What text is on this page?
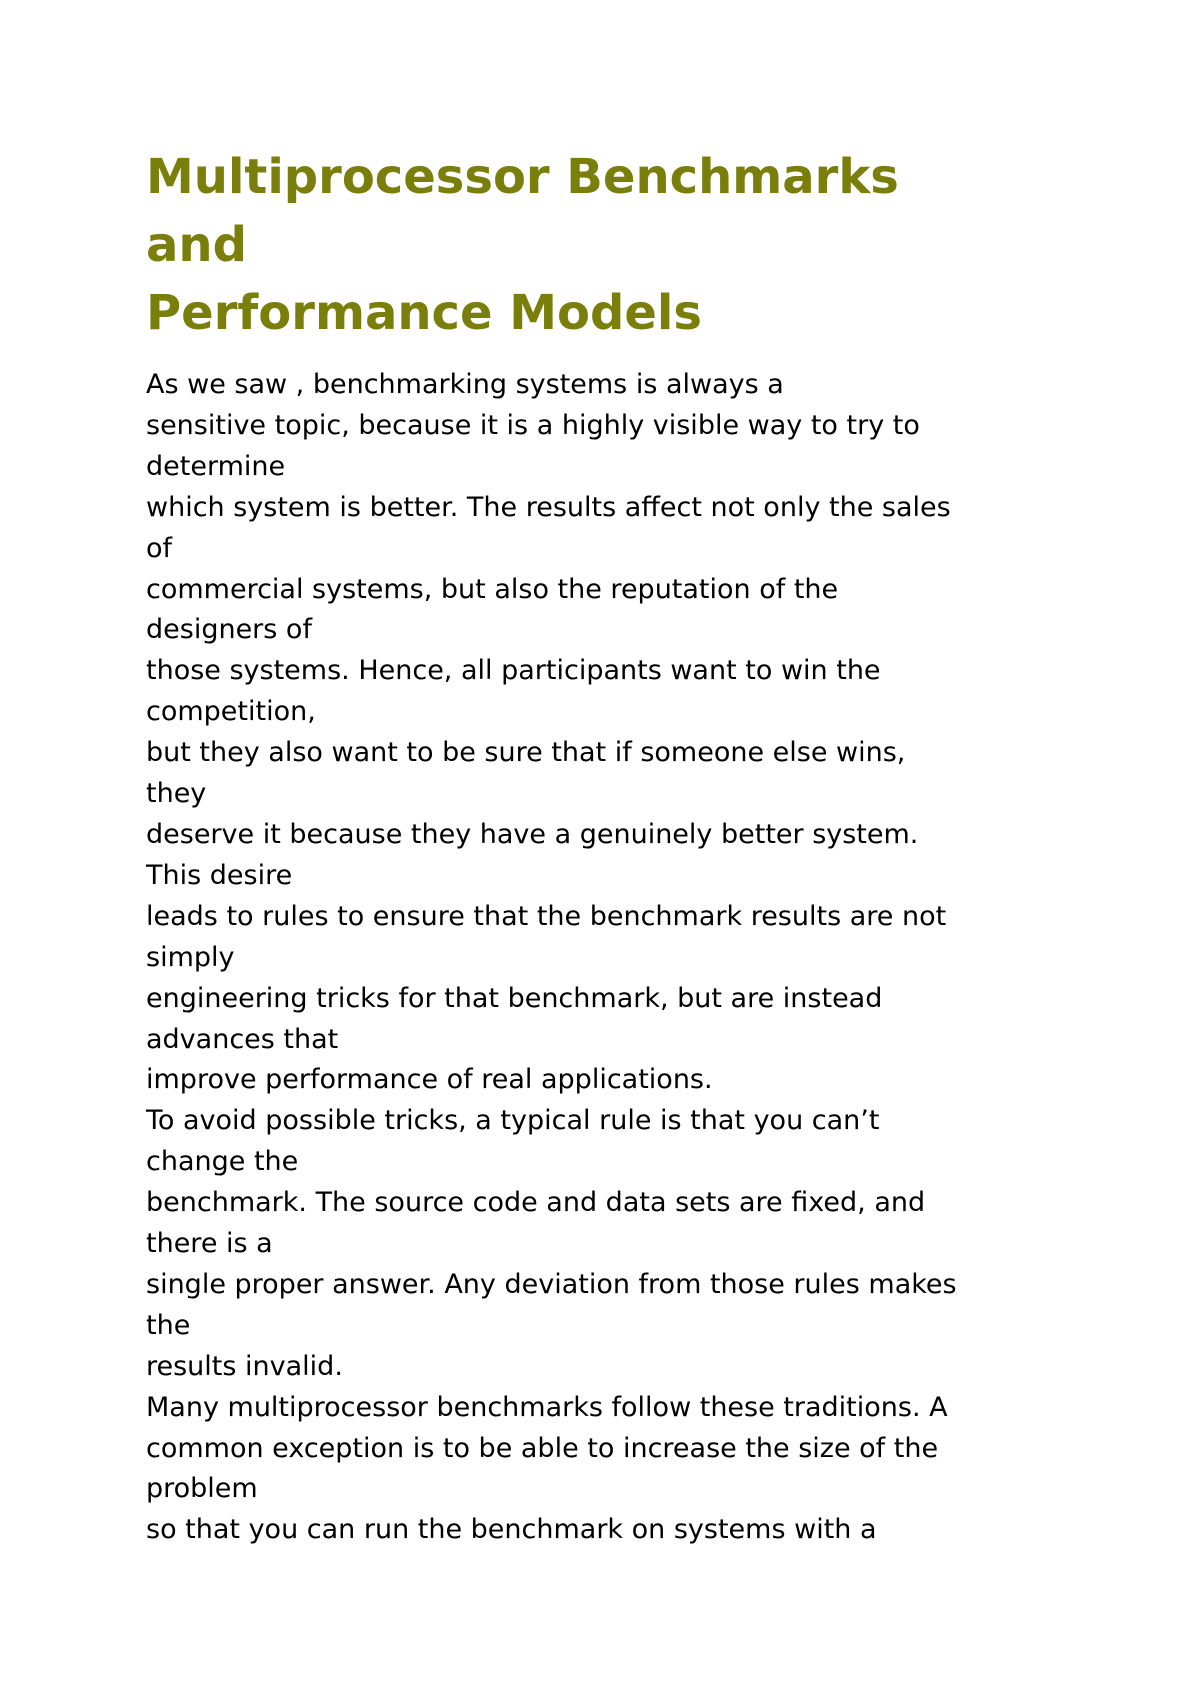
Multiprocessor Benchmarks
and
Performance Models
As we saw , benchmarking systems is always a
sensitive topic, because it is a highly visible way to try to
determine
which system is better. The results affect not only the sales
of
commercial systems, but also the reputation of the
designers of
those systems. Hence, all participants want to win the
competition,
but they also want to be sure that if someone else wins,
they
deserve it because they have a genuinely better system.
This desire
leads to rules to ensure that the benchmark results are not
simply
engineering tricks for that benchmark, but are instead
advances that
improve performance of real applications.
To avoid possible tricks, a typical rule is that you can’t
change the
benchmark. The source code and data sets are fixed, and
there is a
single proper answer. Any deviation from those rules makes
the
results invalid.
Many multiprocessor benchmarks follow these traditions. A
common exception is to be able to increase the size of the
problem
so that you can run the benchmark on systems with a
